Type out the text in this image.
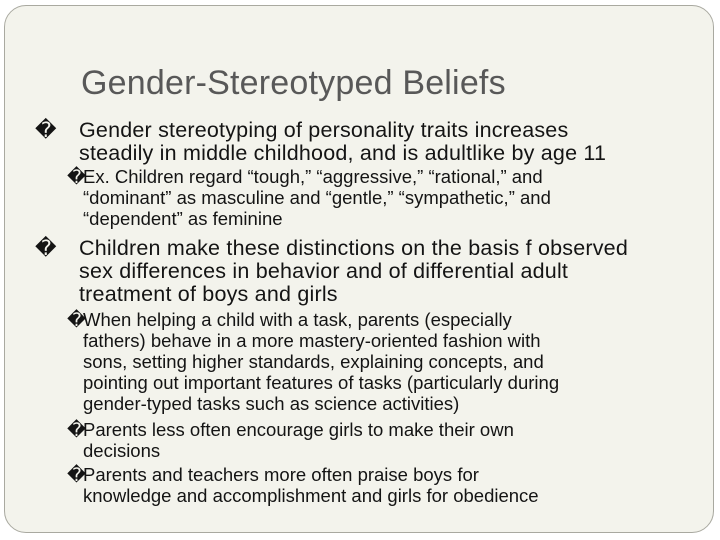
Gender-Stereotyped Beliefs
� Gender stereotyping of personality traits increases
steadily in middle childhood, and is adultlike by age 11
�
Ex. Children regard “tough,” “aggressive,” “rational,” and
“dominant” as masculine and “gentle,” “sympathetic,” and
“dependent” as feminine
� Children make these distinctions on the basis f observed
sex differences in behavior and of differential adult
treatment of boys and girls
�
When helping a child with a task, parents (especially
fathers) behave in a more mastery-oriented fashion with
sons, setting higher standards, explaining concepts, and
pointing out important features of tasks (particularly during
gender-typed tasks such as science activities)
�
Parents less often encourage girls to make their own
decisions
�
Parents and teachers more often praise boys for
knowledge and accomplishment and girls for obedience
